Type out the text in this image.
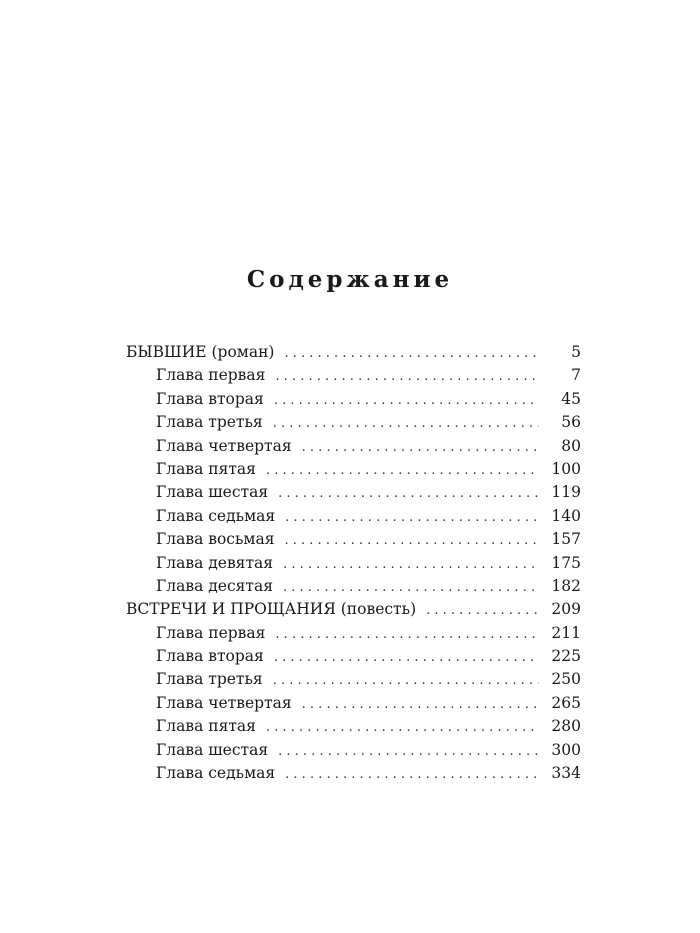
Содержание
БЫВШИЕ (роман) . . .	5
Глава первая . . .	7
Глава вторая . . .	45
Глава третья . . .	56
Глава четвертая . . .	80
Глава пятая . . .	100
Глава шестая . . .	119
Глава седьмая . . .	140
Глава восьмая . . .	157
Глава девятая . . .	175
Глава десятая . . .	182
ВСТРЕЧИ И ПРОЩАНИЯ (повесть) . . .	209
Глава первая . . .	211
Глава вторая . . .	225
Глава третья . . .	250
Глава четвертая . . .	265
Глава пятая . . .	280
Глава шестая . . .	300
Глава седьмая . . .	334
